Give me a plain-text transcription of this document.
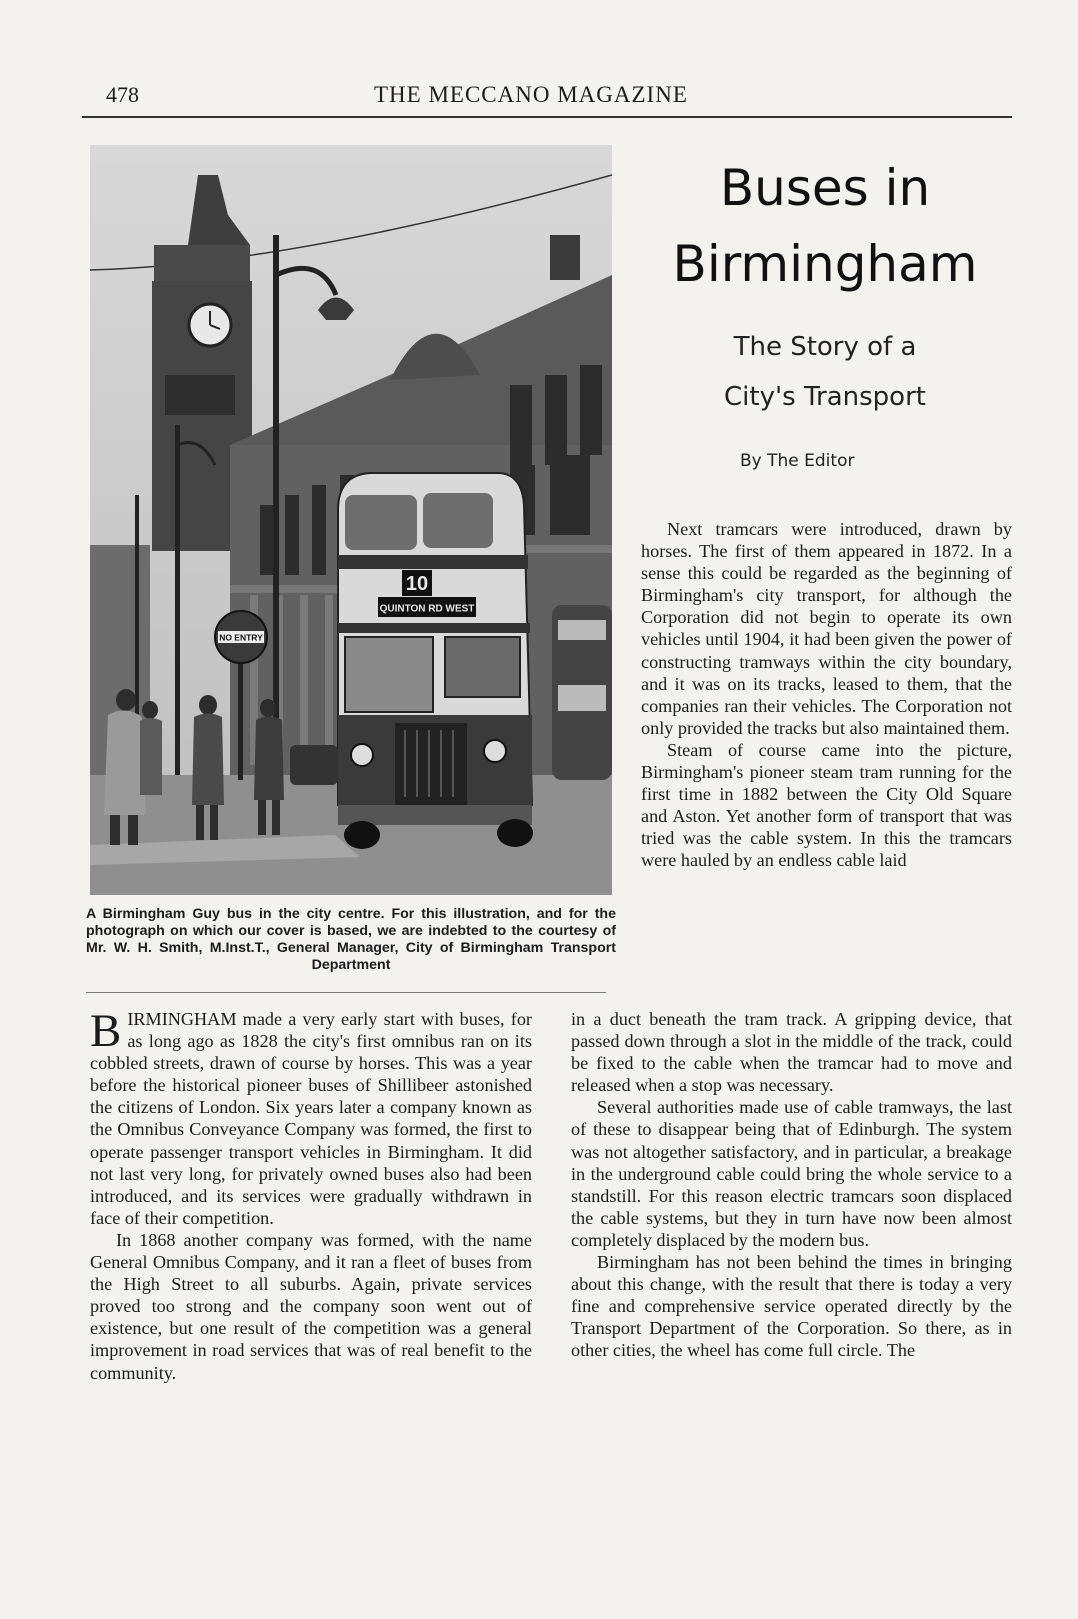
478	THE MECCANO MAGAZINE
NO ENTRY
10
QUINTON RD WEST
A Birmingham Guy bus in the city centre. For this illustration, and for the photograph on which our cover is based, we are indebted to the courtesy of Mr. W. H. Smith, M.Inst.T., General Manager, City of Birmingham Transport Department
Buses in
Birmingham
The Story of a
City's Transport
By The Editor

Next tramcars were introduced, drawn by horses. The first of them appeared in 1872. In a sense this could be regarded as the beginning of Birmingham's city transport, for although the Corporation did not begin to operate its own vehicles until 1904, it had been given the power of constructing tramways within the city boundary, and it was on its tracks, leased to them, that the companies ran their vehicles. The Corporation not only provided the tracks but also maintained them.

Steam of course came into the picture, Birmingham's pioneer steam tram running for the first time in 1882 between the City Old Square and Aston. Yet another form of transport that was tried was the cable system. In this the tramcars were hauled by an endless cable laid

BIRMINGHAM made a very early start with buses, for as long ago as 1828 the city's first omnibus ran on its cobbled streets, drawn of course by horses. This was a year before the historical pioneer buses of Shillibeer astonished the citizens of London. Six years later a company known as the Omnibus Conveyance Company was formed, the first to operate passenger transport vehicles in Birmingham. It did not last very long, for privately owned buses also had been introduced, and its services were gradually withdrawn in face of their competition.

In 1868 another company was formed, with the name General Omnibus Company, and it ran a fleet of buses from the High Street to all suburbs. Again, private services proved too strong and the company soon went out of existence, but one result of the competition was a general improvement in road services that was of real benefit to the community.

in a duct beneath the tram track. A gripping device, that passed down through a slot in the middle of the track, could be fixed to the cable when the tramcar had to move and released when a stop was necessary.

Several authorities made use of cable tramways, the last of these to disappear being that of Edinburgh. The system was not altogether satisfactory, and in particular, a breakage in the underground cable could bring the whole service to a standstill. For this reason electric tramcars soon displaced the cable systems, but they in turn have now been almost completely displaced by the modern bus.

Birmingham has not been behind the times in bringing about this change, with the result that there is today a very fine and comprehensive service operated directly by the Transport Department of the Corporation. So there, as in other cities, the wheel has come full circle. The
